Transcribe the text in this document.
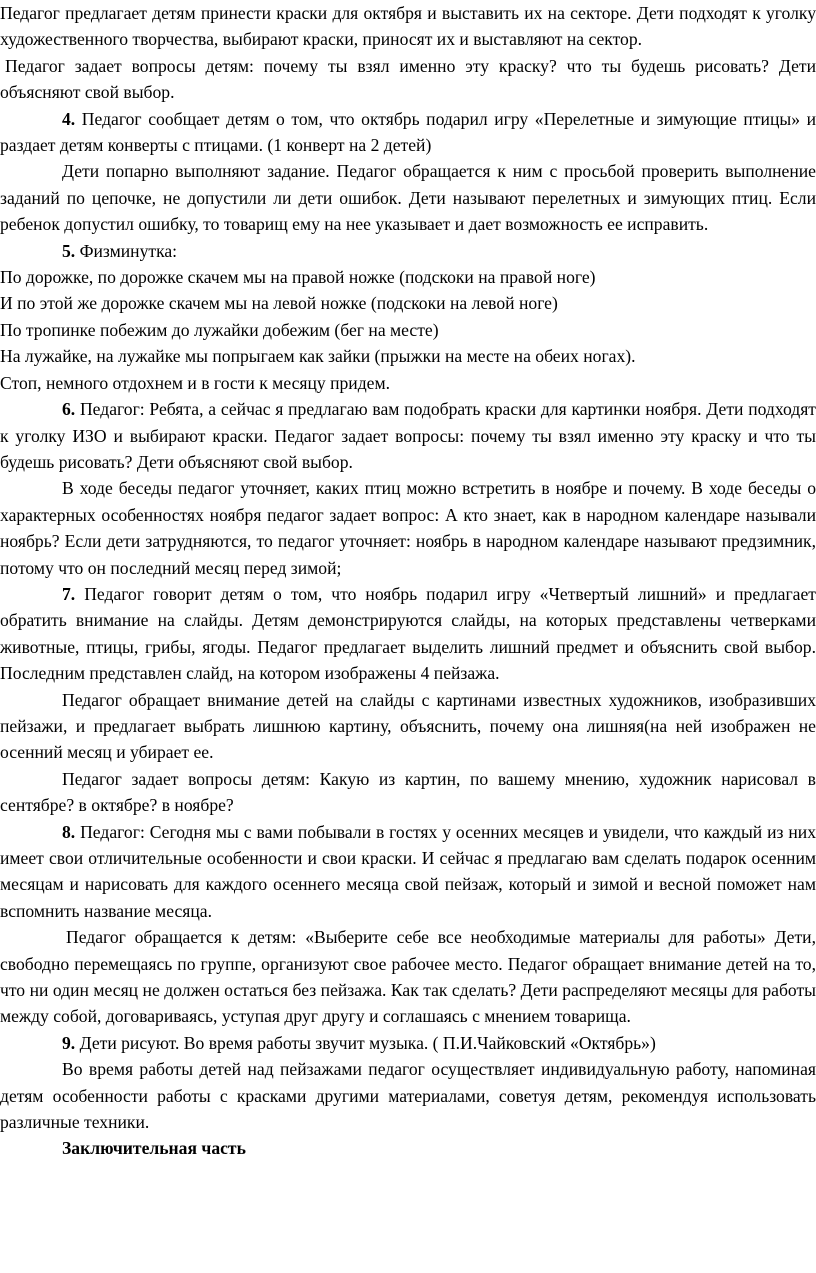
Педагог предлагает детям принести краски для октября и выставить их на секторе. Дети подходят к уголку художественного творчества, выбирают краски, приносят их и выставляют на сектор.

Педагог задает вопросы детям: почему ты взял именно эту краску? что ты будешь рисовать? Дети объясняют свой выбор.

4. Педагог сообщает детям о том, что октябрь подарил игру «Перелетные и зимующие птицы» и раздает детям конверты с птицами. (1 конверт на 2 детей)

Дети попарно выполняют задание. Педагог обращается к ним с просьбой проверить выполнение заданий по цепочке, не допустили ли дети ошибок. Дети называют перелетных и зимующих птиц. Если ребенок допустил ошибку, то товарищ ему на нее указывает и дает возможность ее исправить.

5. Физминутка:

По дорожке, по дорожке скачем мы на правой ножке (подскоки на правой ноге)

И по этой же дорожке скачем мы на левой ножке (подскоки на левой ноге)

По тропинке побежим до лужайки добежим (бег на месте)

На лужайке, на лужайке мы попрыгаем как зайки (прыжки на месте на обеих ногах).

Стоп, немного отдохнем и в гости к месяцу придем.

6. Педагог: Ребята, а сейчас я предлагаю вам подобрать краски для картинки ноября. Дети подходят к уголку ИЗО и выбирают краски. Педагог задает вопросы: почему ты взял именно эту краску и что ты будешь рисовать? Дети объясняют свой выбор.

В ходе беседы педагог уточняет, каких птиц можно встретить в ноябре и почему. В ходе беседы о характерных особенностях ноября педагог задает вопрос: А кто знает, как в народном календаре называли ноябрь? Если дети затрудняются, то педагог уточняет: ноябрь в народном календаре называют предзимник, потому что он последний месяц перед зимой;

7. Педагог говорит детям о том, что ноябрь подарил игру «Четвертый лишний» и предлагает обратить внимание на слайды. Детям демонстрируются слайды, на которых представлены четверками животные, птицы, грибы, ягоды. Педагог предлагает выделить лишний предмет и объяснить свой выбор. Последним представлен слайд, на котором изображены 4 пейзажа.

Педагог обращает внимание детей на слайды с картинами известных художников, изобразивших пейзажи, и предлагает выбрать лишнюю картину, объяснить, почему она лишняя(на ней изображен не осенний месяц и убирает ее.

Педагог задает вопросы детям: Какую из картин, по вашему мнению, художник нарисовал в сентябре? в октябре? в ноябре?

8. Педагог: Сегодня мы с вами побывали в гостях у осенних месяцев и увидели, что каждый из них имеет свои отличительные особенности и свои краски. И сейчас я предлагаю вам сделать подарок осенним месяцам и нарисовать для каждого осеннего месяца свой пейзаж, который и зимой и весной поможет нам вспомнить название месяца.

Педагог обращается к детям: «Выберите себе все необходимые материалы для работы» Дети, свободно перемещаясь по группе, организуют свое рабочее место. Педагог обращает внимание детей на то, что ни один месяц не должен остаться без пейзажа. Как так сделать? Дети распределяют месяцы для работы между собой, договариваясь, уступая друг другу и соглашаясь с мнением товарища.

9. Дети рисуют. Во время работы звучит музыка. ( П.И.Чайковский «Октябрь»)

Во время работы детей над пейзажами педагог осуществляет индивидуальную работу, напоминая детям особенности работы с красками другими материалами, советуя детям, рекомендуя использовать различные техники.

Заключительная часть
